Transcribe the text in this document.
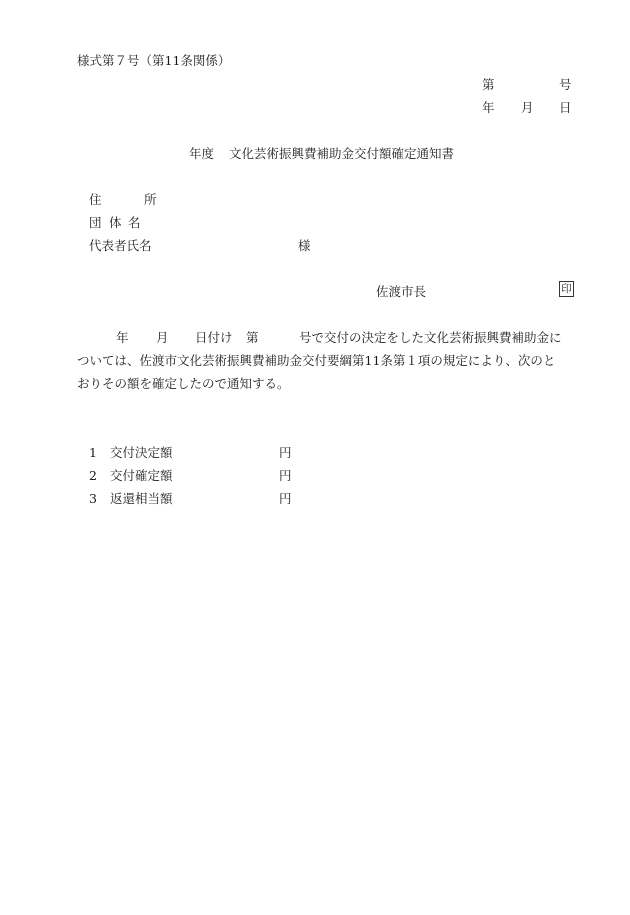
様式第７号（第11条関係）
第	号
年 月 日
年度 文化芸術振興費補助金交付額確定通知書
住	所
団 体 名
代表者氏名	様
佐渡市長	印
年 月 日付け 第	号で交付の決定をした文化芸術振興費補助金に
ついては、佐渡市文化芸術振興費補助金交付要綱第11条第１項の規定により、次のと
おりその額を確定したので通知する。
1 交付決定額	円
2 交付確定額	円
3 返還相当額	円
